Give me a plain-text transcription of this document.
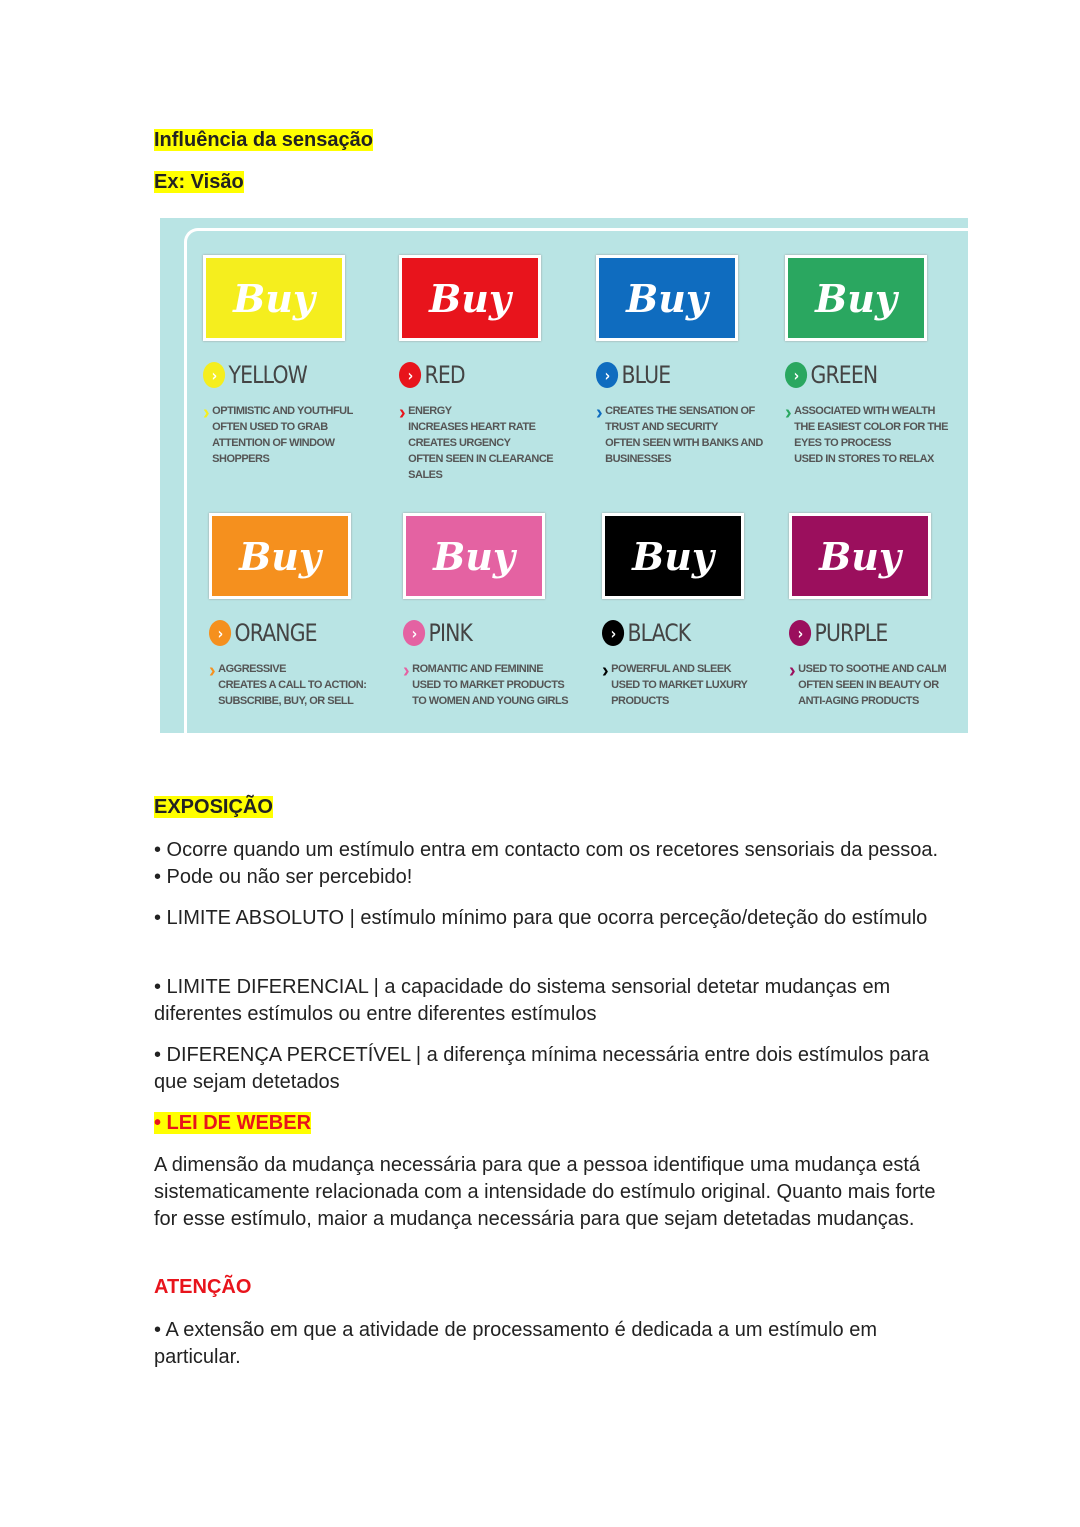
Influência da sensação
Ex: Visão
Buy
› YELLOW
› OPTIMISTIC AND YOUTHFUL
OFTEN USED TO GRAB
ATTENTION OF WINDOW
SHOPPERS
Buy
› RED
› ENERGY
INCREASES HEART RATE
CREATES URGENCY
OFTEN SEEN IN CLEARANCE
SALES
Buy
› BLUE
› CREATES THE SENSATION OF
TRUST AND SECURITY
OFTEN SEEN WITH BANKS AND
BUSINESSES
Buy
› GREEN
› ASSOCIATED WITH WEALTH
THE EASIEST COLOR FOR THE
EYES TO PROCESS
USED IN STORES TO RELAX
Buy
› ORANGE
› AGGRESSIVE
CREATES A CALL TO ACTION:
SUBSCRIBE, BUY, OR SELL
Buy
› PINK
› ROMANTIC AND FEMININE
USED TO MARKET PRODUCTS
TO WOMEN AND YOUNG GIRLS
Buy
› BLACK
› POWERFUL AND SLEEK
USED TO MARKET LUXURY
PRODUCTS
Buy
› PURPLE
› USED TO SOOTHE AND CALM
OFTEN SEEN IN BEAUTY OR
ANTI-AGING PRODUCTS
EXPOSIÇÃO
• Ocorre quando um estímulo entra em contacto com os recetores sensoriais da pessoa. • Pode ou não ser percebido!
• LIMITE ABSOLUTO | estímulo mínimo para que ocorra perceção/deteção do estímulo
• LIMITE DIFERENCIAL | a capacidade do sistema sensorial detetar mudanças em diferentes estímulos ou entre diferentes estímulos
• DIFERENÇA PERCETÍVEL | a diferença mínima necessária entre dois estímulos para que sejam detetados
• LEI DE WEBER
A dimensão da mudança necessária para que a pessoa identifique uma mudança está sistematicamente relacionada com a intensidade do estímulo original. Quanto mais forte for esse estímulo, maior a mudança necessária para que sejam detetadas mudanças.
ATENÇÃO
• A extensão em que a atividade de processamento é dedicada a um estímulo em particular.
